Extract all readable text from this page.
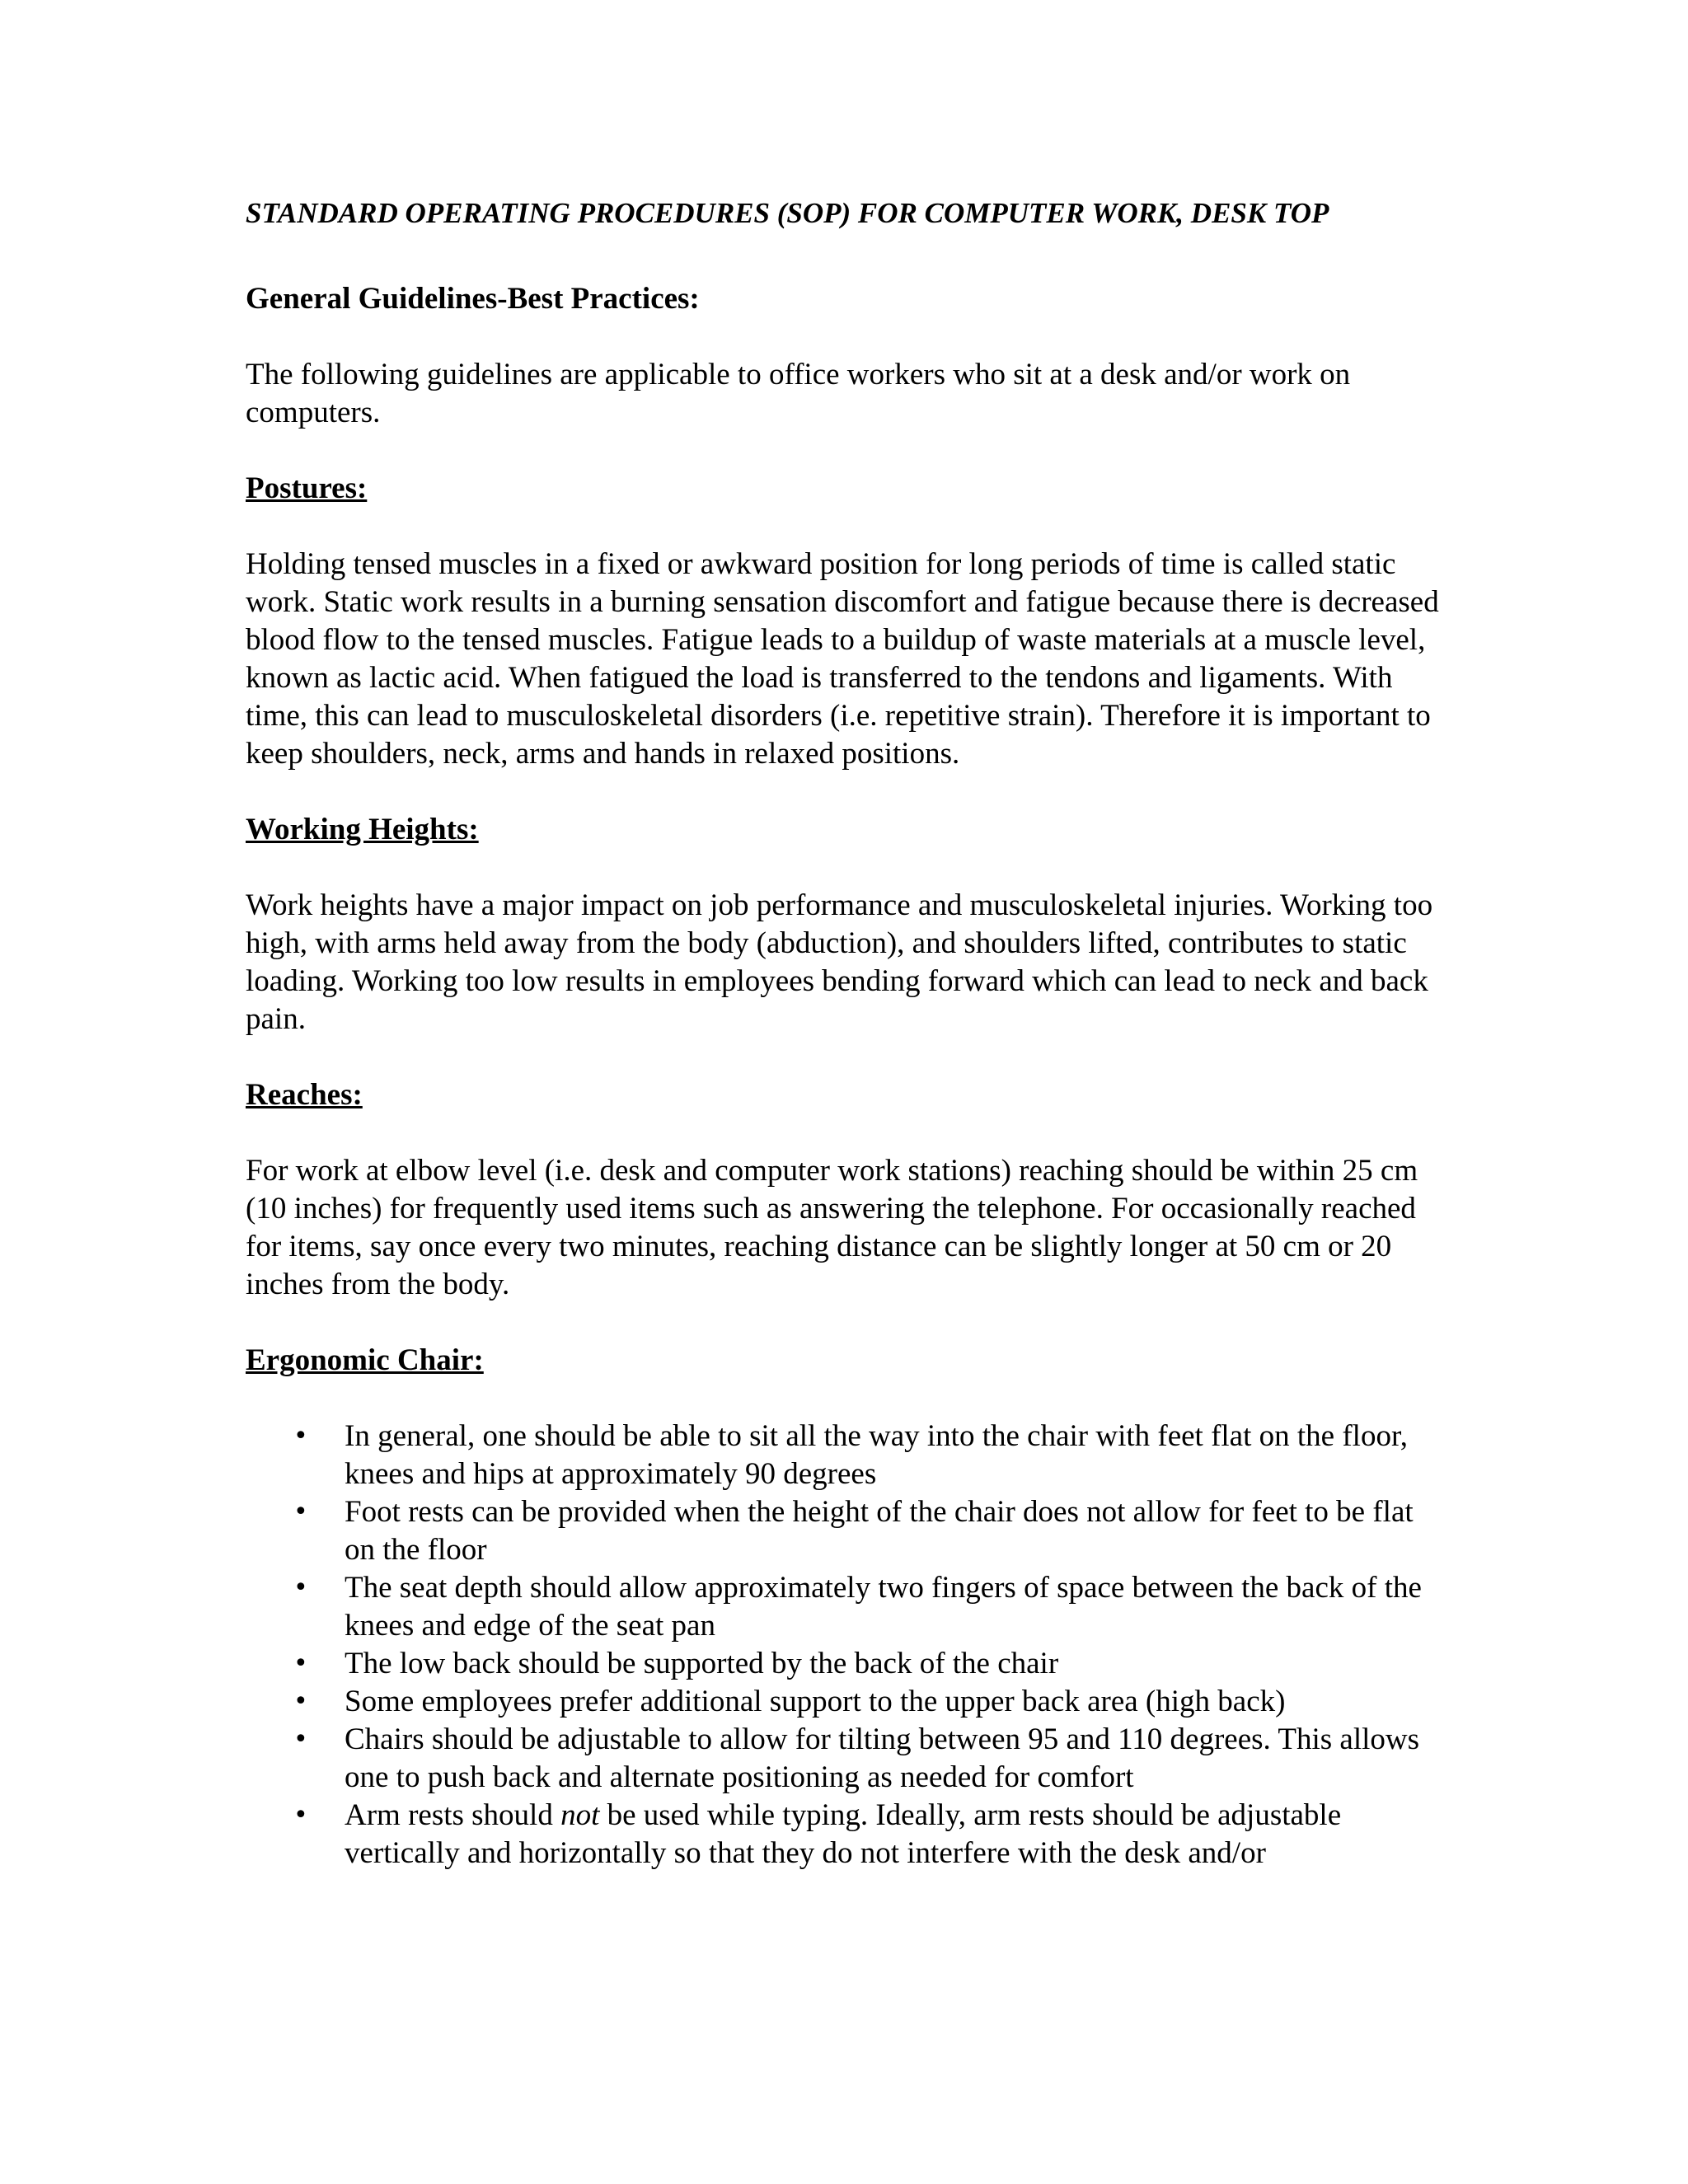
STANDARD OPERATING PROCEDURES (SOP) FOR COMPUTER WORK, DESK TOP

General Guidelines-Best Practices:

The following guidelines are applicable to office workers who sit at a desk and/or work on computers.

Postures:

Holding tensed muscles in a fixed or awkward position for long periods of time is called static work. Static work results in a burning sensation discomfort and fatigue because there is decreased blood flow to the tensed muscles. Fatigue leads to a buildup of waste materials at a muscle level, known as lactic acid. When fatigued the load is transferred to the tendons and ligaments. With time, this can lead to musculoskeletal disorders (i.e. repetitive strain). Therefore it is important to keep shoulders, neck, arms and hands in relaxed positions.

Working Heights:

Work heights have a major impact on job performance and musculoskeletal injuries. Working too high, with arms held away from the body (abduction), and shoulders lifted, contributes to static loading. Working too low results in employees bending forward which can lead to neck and back pain.

Reaches:

For work at elbow level (i.e. desk and computer work stations) reaching should be within 25 cm (10 inches) for frequently used items such as answering the telephone. For occasionally reached for items, say once every two minutes, reaching distance can be slightly longer at 50 cm or 20 inches from the body.

Ergonomic Chair:

• In general, one should be able to sit all the way into the chair with feet flat on the floor, knees and hips at approximately 90 degrees
• Foot rests can be provided when the height of the chair does not allow for feet to be flat on the floor
• The seat depth should allow approximately two fingers of space between the back of the knees and edge of the seat pan
• The low back should be supported by the back of the chair
• Some employees prefer additional support to the upper back area (high back)
• Chairs should be adjustable to allow for tilting between 95 and 110 degrees. This allows one to push back and alternate positioning as needed for comfort
• Arm rests should not be used while typing. Ideally, arm rests should be adjustable vertically and horizontally so that they do not interfere with the desk and/or
